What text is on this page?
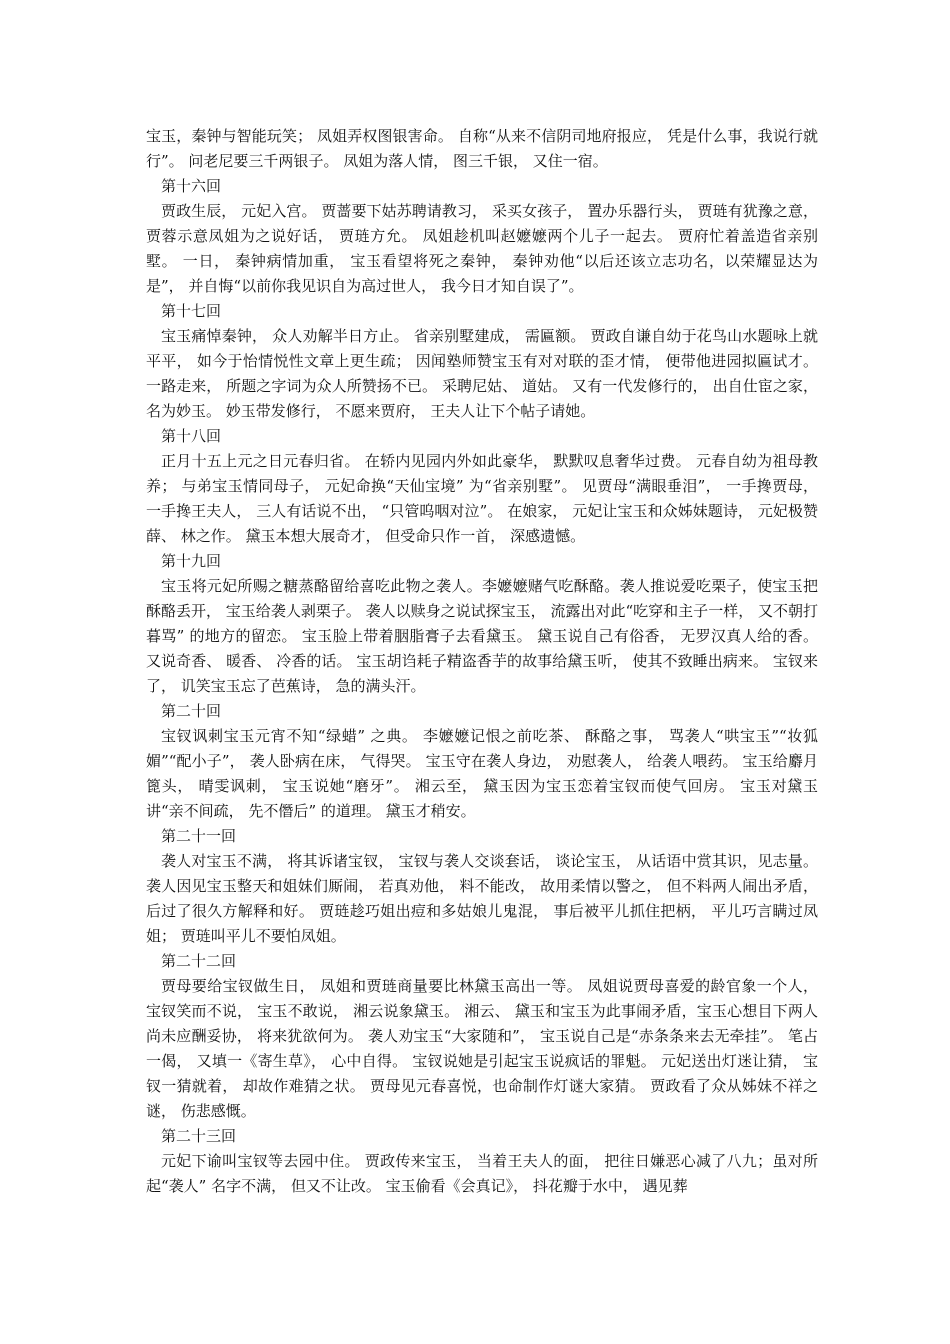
宝玉，秦钟与智能玩笑； 凤姐弄权图银害命。 自称“从来不信阴司地府报应， 凭是什么事，我说行就行”。 问老尼要三千两银子。 凤姐为落人情， 图三千银， 又住一宿。

第十六回

贾政生辰， 元妃入宫。 贾蔷要下姑苏聘请教习， 采买女孩子， 置办乐器行头， 贾琏有犹豫之意， 贾蓉示意凤姐为之说好话， 贾琏方允。 凤姐趁机叫赵嬷嬷两个儿子一起去。 贾府忙着盖造省亲别墅。 一日， 秦钟病情加重， 宝玉看望将死之秦钟， 秦钟劝他“以后还该立志功名，以荣耀显达为是”， 并自悔“以前你我见识自为高过世人， 我今日才知自误了”。

第十七回

宝玉痛悼秦钟， 众人劝解半日方止。 省亲别墅建成， 需匾额。 贾政自谦自幼于花鸟山水题咏上就平平， 如今于怡情悦性文章上更生疏； 因闻塾师赞宝玉有对对联的歪才情， 便带他进园拟匾试才。 一路走来， 所题之字词为众人所赞扬不已。 采聘尼姑、 道姑。 又有一代发修行的， 出自仕宦之家， 名为妙玉。 妙玉带发修行， 不愿来贾府， 王夫人让下个帖子请她。

第十八回

正月十五上元之日元春归省。 在轿内见园内外如此豪华， 默默叹息奢华过费。 元春自幼为祖母教养； 与弟宝玉情同母子， 元妃命换“天仙宝境” 为“省亲别墅”。 见贾母“满眼垂泪”， 一手搀贾母， 一手搀王夫人， 三人有话说不出， “只管呜咽对泣”。 在娘家， 元妃让宝玉和众姊妹题诗， 元妃极赞薛、 林之作。 黛玉本想大展奇才， 但受命只作一首， 深感遗憾。

第十九回

宝玉将元妃所赐之糖蒸酪留给喜吃此物之袭人。李嬷嬷赌气吃酥酪。袭人推说爱吃栗子，使宝玉把酥酪丢开， 宝玉给袭人剥栗子。 袭人以赎身之说试探宝玉， 流露出对此“吃穿和主子一样， 又不朝打暮骂” 的地方的留恋。 宝玉脸上带着胭脂膏子去看黛玉。 黛玉说自己有俗香， 无罗汉真人给的香。 又说奇香、 暖香、 冷香的话。 宝玉胡诌耗子精盗香芋的故事给黛玉听， 使其不致睡出病来。 宝钗来了， 讥笑宝玉忘了芭蕉诗， 急的满头汗。

第二十回

宝钗讽刺宝玉元宵不知“绿蜡” 之典。 李嬷嬷记恨之前吃茶、 酥酪之事， 骂袭人“哄宝玉”“妆狐媚”“配小子”， 袭人卧病在床， 气得哭。 宝玉守在袭人身边， 劝慰袭人， 给袭人喂药。 宝玉给麝月篦头， 晴雯讽刺， 宝玉说她“磨牙”。 湘云至， 黛玉因为宝玉恋着宝钗而使气回房。 宝玉对黛玉讲“亲不间疏， 先不僭后” 的道理。 黛玉才稍安。

第二十一回

袭人对宝玉不满， 将其诉诸宝钗， 宝钗与袭人交谈套话， 谈论宝玉， 从话语中赏其识，见志量。 袭人因见宝玉整天和姐妹们厮闹， 若真劝他， 料不能改， 故用柔情以警之， 但不料两人闹出矛盾， 后过了很久方解释和好。 贾琏趁巧姐出痘和多姑娘儿鬼混， 事后被平儿抓住把柄， 平儿巧言瞒过凤姐； 贾琏叫平儿不要怕凤姐。

第二十二回

贾母要给宝钗做生日， 凤姐和贾琏商量要比林黛玉高出一等。 凤姐说贾母喜爱的龄官象一个人， 宝钗笑而不说， 宝玉不敢说， 湘云说象黛玉。 湘云、 黛玉和宝玉为此事闹矛盾，宝玉心想目下两人尚未应酬妥协， 将来犹欲何为。 袭人劝宝玉“大家随和”， 宝玉说自己是“赤条条来去无牵挂”。 笔占一偈， 又填一《寄生草》， 心中自得。 宝钗说她是引起宝玉说疯话的罪魁。 元妃送出灯迷让猜， 宝钗一猜就着， 却故作难猜之状。 贾母见元春喜悦，也命制作灯谜大家猜。 贾政看了众从姊妹不祥之谜， 伤悲感慨。

第二十三回

元妃下谕叫宝钗等去园中住。 贾政传来宝玉， 当着王夫人的面， 把往日嫌恶心减了八九；虽对所起“袭人” 名字不满， 但又不让改。 宝玉偷看《会真记》， 抖花瓣于水中， 遇见葬
